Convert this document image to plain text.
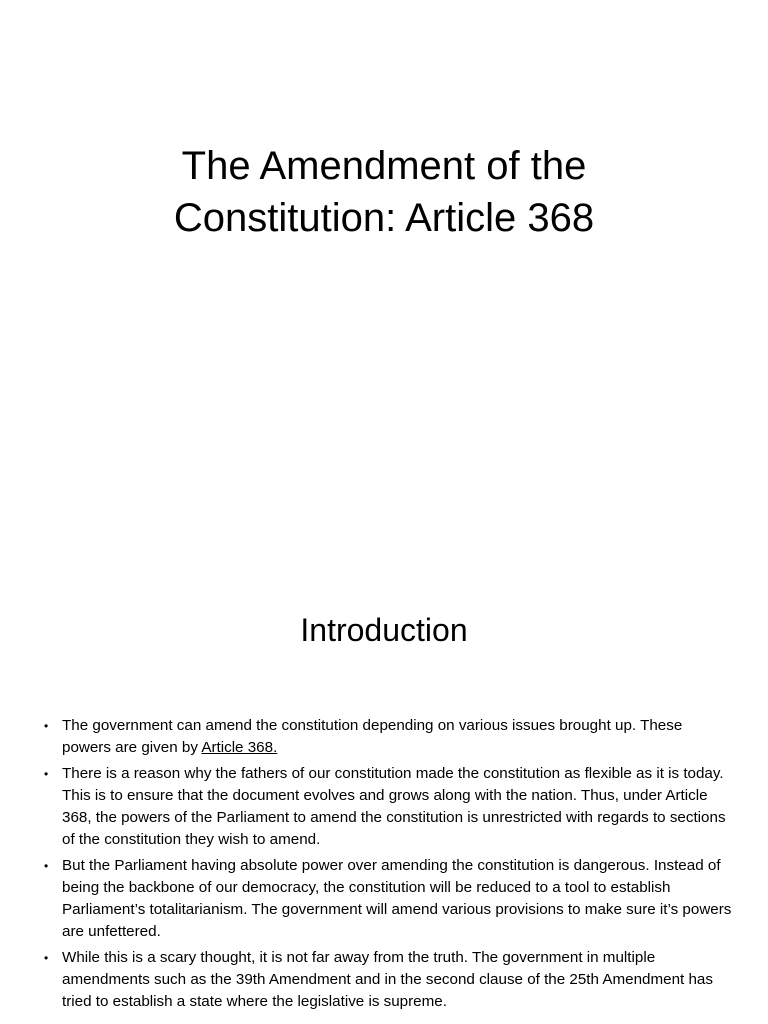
The Amendment of the
Constitution: Article 368
Introduction
• The government can amend the constitution depending on various issues brought up. These powers are given by Article 368.
• There is a reason why the fathers of our constitution made the constitution as flexible as it is today. This is to ensure that the document evolves and grows along with the nation. Thus, under Article 368, the powers of the Parliament to amend the constitution is unrestricted with regards to sections of the constitution they wish to amend.
• But the Parliament having absolute power over amending the constitution is dangerous. Instead of being the backbone of our democracy, the constitution will be reduced to a tool to establish Parliament’s totalitarianism. The government will amend various provisions to make sure it’s powers are unfettered.
• While this is a scary thought, it is not far away from the truth. The government in multiple amendments such as the 39th Amendment and in the second clause of the 25th Amendment has tried to establish a state where the legislative is supreme.
